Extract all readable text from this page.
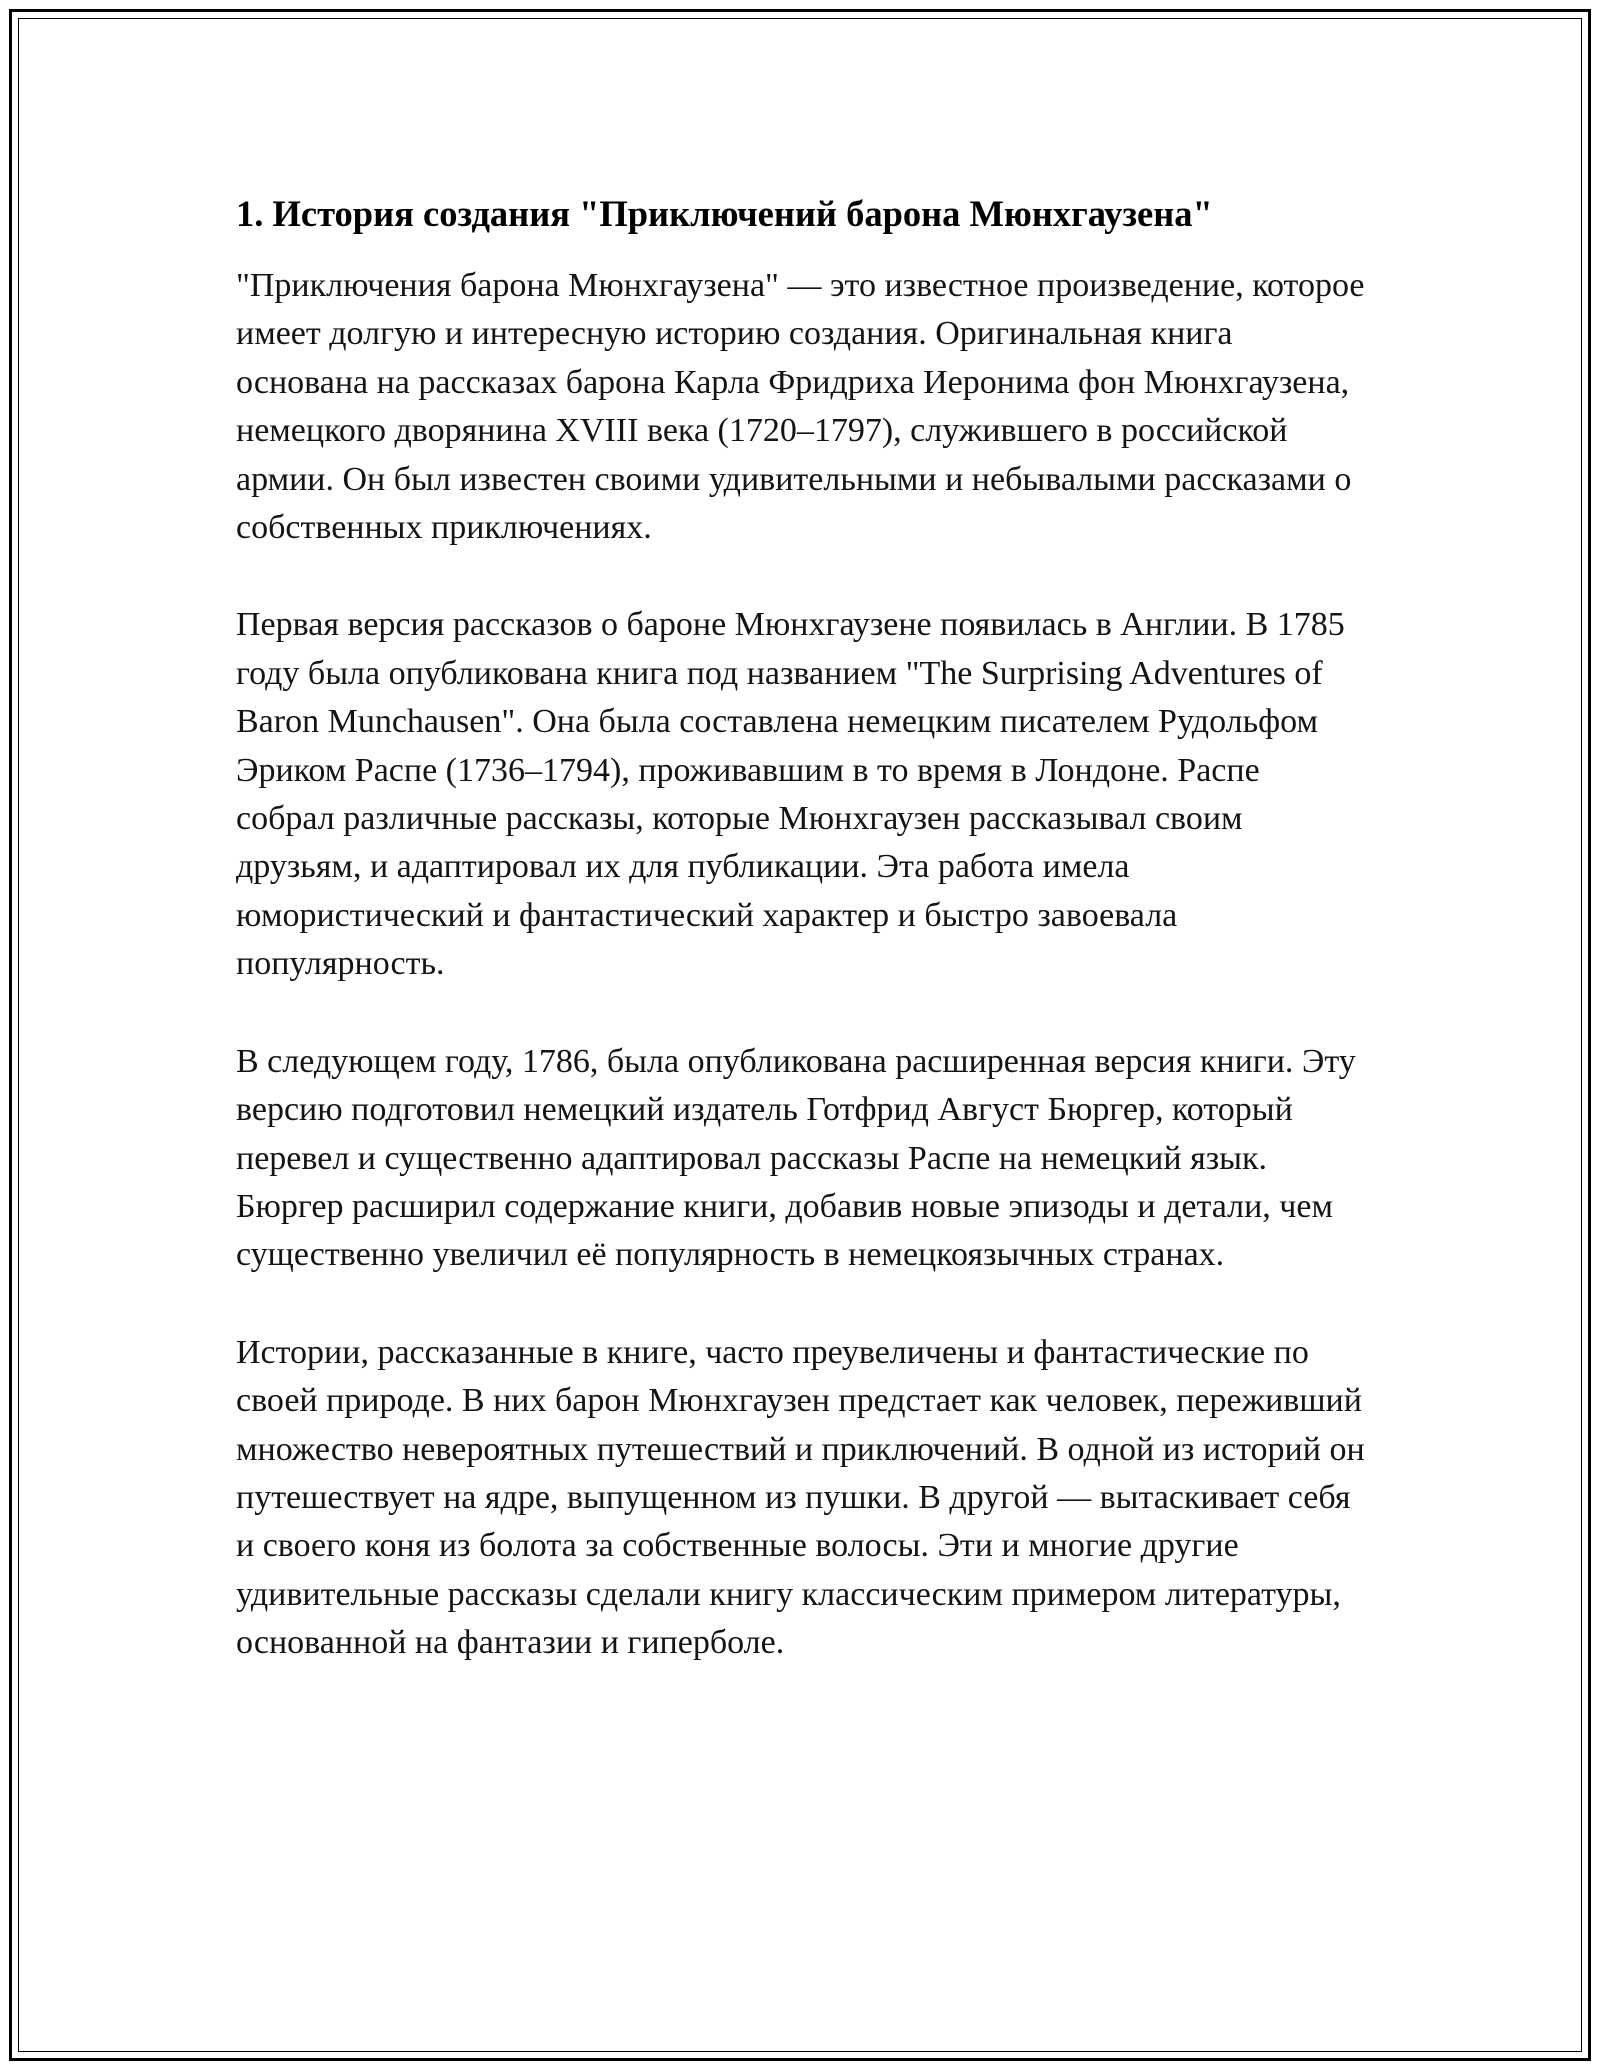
1. История создания "Приключений барона Мюнхгаузена"

"Приключения барона Мюнхгаузена" — это известное произведение, которое имеет долгую и интересную историю создания. Оригинальная книга основана на рассказах барона Карла Фридриха Иеронима фон Мюнхгаузена, немецкого дворянина XVIII века (1720–1797), служившего в российской армии. Он был известен своими удивительными и небывалыми рассказами о собственных приключениях.

Первая версия рассказов о бароне Мюнхгаузене появилась в Англии. В 1785 году была опубликована книга под названием "The Surprising Adventures of Baron Munchausen". Она была составлена немецким писателем Рудольфом Эриком Распе (1736–1794), проживавшим в то время в Лондоне. Распе собрал различные рассказы, которые Мюнхгаузен рассказывал своим друзьям, и адаптировал их для публикации. Эта работа имела юмористический и фантастический характер и быстро завоевала популярность.

В следующем году, 1786, была опубликована расширенная версия книги. Эту версию подготовил немецкий издатель Готфрид Август Бюргер, который перевел и существенно адаптировал рассказы Распе на немецкий язык. Бюргер расширил содержание книги, добавив новые эпизоды и детали, чем существенно увеличил её популярность в немецкоязычных странах.

Истории, рассказанные в книге, часто преувеличены и фантастические по своей природе. В них барон Мюнхгаузен предстает как человек, переживший множество невероятных путешествий и приключений. В одной из историй он путешествует на ядре, выпущенном из пушки. В другой — вытаскивает себя и своего коня из болота за собственные волосы. Эти и многие другие удивительные рассказы сделали книгу классическим примером литературы, основанной на фантазии и гиперболе.
